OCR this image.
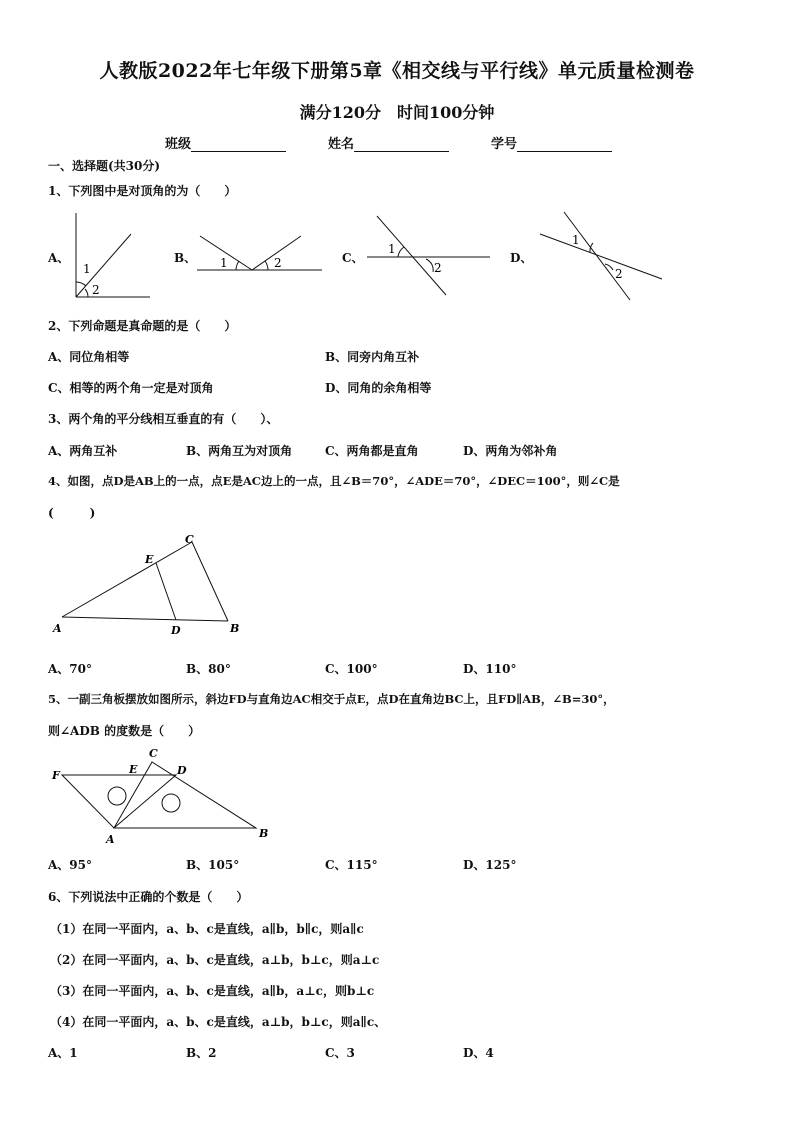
人教版2022年七年级下册第5章《相交线与平行线》单元质量检测卷
满分120分　时间100分钟
班级	姓名	学号
一、选择题(共30分)
1、下列图中是对顶角的为（　　）
A、	B、	C、	D、
1
2
1	2
1
2
1
2
2、下列命题是真命题的是（　　）
A、同位角相等	B、同旁内角互补
C、相等的两个角一定是对顶角	D、同角的余角相等
3、两个角的平分线相互垂直的有（　　）、
A、两角互补	B、两角互为对顶角	C、两角都是直角	D、两角为邻补角
4、如图，点D是AB上的一点，点E是AC边上的一点，且∠B＝70°，∠ADE＝70°，∠DEC＝100°，则∠C是
(　　　)
A	B
C
D
E
A、70°	B、80°	C、100°	D、110°
5、一副三角板摆放如图所示，斜边FD与直角边AC相交于点E，点D在直角边BC上，且FD∥AB，∠B=30°，
则∠ADB 的度数是（　　）
F	E
C
D
A	B
A、95°	B、105°	C、115°	D、125°
6、下列说法中正确的个数是（　　）
（1）在同一平面内，a、b、c是直线，a∥b，b∥c，则a∥c
（2）在同一平面内，a、b、c是直线，a⊥b，b⊥c，则a⊥c
（3）在同一平面内，a、b、c是直线，a∥b，a⊥c，则b⊥c
（4）在同一平面内，a、b、c是直线，a⊥b，b⊥c，则a∥c、
A、1	B、2	C、3	D、4
